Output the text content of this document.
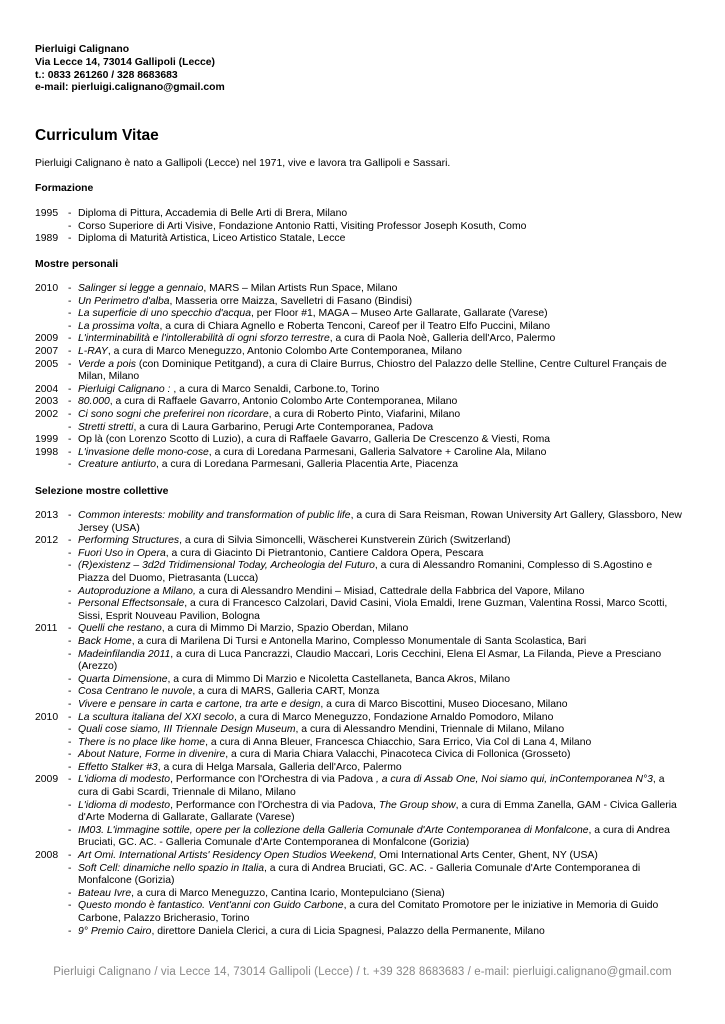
Pierluigi Calignano
Via Lecce 14, 73014 Gallipoli (Lecce)
t.: 0833 261260 / 328 8683683
e-mail: pierluigi.calignano@gmail.com
Curriculum Vitae
Pierluigi Calignano è nato a Gallipoli (Lecce) nel 1971, vive e lavora tra Gallipoli e Sassari.
Formazione
1995 - Diploma di Pittura, Accademia di Belle Arti di Brera, Milano
- Corso Superiore di Arti Visive, Fondazione Antonio Ratti, Visiting Professor Joseph Kosuth, Como
1989 - Diploma di Maturità Artistica, Liceo Artistico Statale, Lecce
Mostre personali
2010 - Salinger si legge a gennaio, MARS – Milan Artists Run Space, Milano
- Un Perimetro d'alba, Masseria orre Maizza, Savelletri di Fasano (Bindisi)
- La superficie di uno specchio d'acqua, per Floor #1, MAGA – Museo Arte Gallarate, Gallarate (Varese)
- La prossima volta, a cura di Chiara Agnello e Roberta Tenconi, Careof per il Teatro Elfo Puccini, Milano
2009 - L'interminabilità e l'intollerabilità di ogni sforzo terrestre, a cura di Paola Noè, Galleria dell'Arco, Palermo
2007 - L-RAY, a cura di Marco Meneguzzo, Antonio Colombo Arte Contemporanea, Milano
2005 - Verde a pois (con Dominique Petitgand), a cura di Claire Burrus, Chiostro del Palazzo delle Stelline, Centre Culturel Français de Milan, Milano
2004 - Pierluigi Calignano : , a cura di Marco Senaldi, Carbone.to, Torino
2003 - 80.000, a cura di Raffaele Gavarro, Antonio Colombo Arte Contemporanea, Milano
2002 - Ci sono sogni che preferirei non ricordare, a cura di Roberto Pinto, Viafarini, Milano
- Stretti stretti, a cura di Laura Garbarino, Perugi Arte Contemporanea, Padova
1999 - Op là (con Lorenzo Scotto di Luzio), a cura di Raffaele Gavarro, Galleria De Crescenzo & Viesti, Roma
1998 - L'invasione delle mono-cose, a cura di Loredana Parmesani, Galleria Salvatore + Caroline Ala, Milano
- Creature antiurto, a cura di Loredana Parmesani, Galleria Placentia Arte, Piacenza
Selezione mostre collettive
2013 - Common interests: mobility and transformation of public life, a cura di Sara Reisman, Rowan University Art Gallery, Glassboro, New Jersey (USA)
2012 - Performing Structures, a cura di Silvia Simoncelli, Wäscherei Kunstverein Zürich (Switzerland)
- Fuori Uso in Opera, a cura di Giacinto Di Pietrantonio, Cantiere Caldora Opera, Pescara
- (R)existenz – 3d2d Tridimensional Today, Archeologia del Futuro, a cura di Alessandro Romanini, Complesso di S.Agostino e Piazza del Duomo, Pietrasanta (Lucca)
- Autoproduzione a Milano, a cura di Alessandro Mendini – Misiad, Cattedrale della Fabbrica del Vapore, Milano
- Personal Effectsonsale, a cura di Francesco Calzolari, David Casini, Viola Emaldi, Irene Guzman, Valentina Rossi, Marco Scotti, Sissi, Esprit Nouveau Pavilion, Bologna
2011	- Quelli che restano, a cura di Mimmo Di Marzio, Spazio Oberdan, Milano
- Back Home, a cura di Marilena Di Tursi e Antonella Marino, Complesso Monumentale di Santa Scolastica, Bari
- Madeinfilandia 2011, a cura di Luca Pancrazzi, Claudio Maccari, Loris Cecchini, Elena El Asmar, La Filanda, Pieve a Presciano (Arezzo)
- Quarta Dimensione, a cura di Mimmo Di Marzio e Nicoletta Castellaneta, Banca Akros, Milano
- Cosa Centrano le nuvole, a cura di MARS, Galleria CART, Monza
- Vivere e pensare in carta e cartone, tra arte e design, a cura di Marco Biscottini, Museo Diocesano, Milano
2010 - La scultura italiana del XXI secolo, a cura di Marco Meneguzzo, Fondazione Arnaldo Pomodoro, Milano
- Quali cose siamo, III Triennale Design Museum, a cura di Alessandro Mendini, Triennale di Milano, Milano
- There is no place like home, a cura di Anna Bleuer, Francesca Chiacchio, Sara Errico, Via Col di Lana 4, Milano
- About Nature, Forme in divenire, a cura di Maria Chiara Valacchi, Pinacoteca Civica di Follonica (Grosseto)
- Effetto Stalker #3, a cura di Helga Marsala, Galleria dell'Arco, Palermo
2009 - L'idioma di modesto, Performance con l'Orchestra di via Padova , a cura di Assab One, Noi siamo qui, inContemporanea N°3, a cura di Gabi Scardi, Triennale di Milano, Milano
- L'idioma di modesto, Performance con l'Orchestra di via Padova, The Group show, a cura di Emma Zanella, GAM - Civica Galleria d'Arte Moderna di Gallarate, Gallarate (Varese)
- IM03. L'immagine sottile, opere per la collezione della Galleria Comunale d'Arte Contemporanea di Monfalcone, a cura di Andrea Bruciati, GC. AC. - Galleria Comunale d'Arte Contemporanea di Monfalcone (Gorizia)
2008 - Art Omi. International Artists' Residency Open Studios Weekend, Omi International Arts Center, Ghent, NY (USA)
- Soft Cell: dinamiche nello spazio in Italia, a cura di Andrea Bruciati, GC. AC. - Galleria Comunale d'Arte Contemporanea di Monfalcone (Gorizia)
- Bateau Ivre, a cura di Marco Meneguzzo, Cantina Icario, Montepulciano (Siena)
- Questo mondo è fantastico. Vent'anni con Guido Carbone, a cura del Comitato Promotore per le iniziative in Memoria di Guido Carbone, Palazzo Bricherasio, Torino
- 9° Premio Cairo, direttore Daniela Clerici, a cura di Licia Spagnesi, Palazzo della Permanente, Milano
Pierluigi Calignano / via Lecce 14, 73014 Gallipoli (Lecce) / t. +39 328 8683683 / e-mail: pierluigi.calignano@gmail.com
